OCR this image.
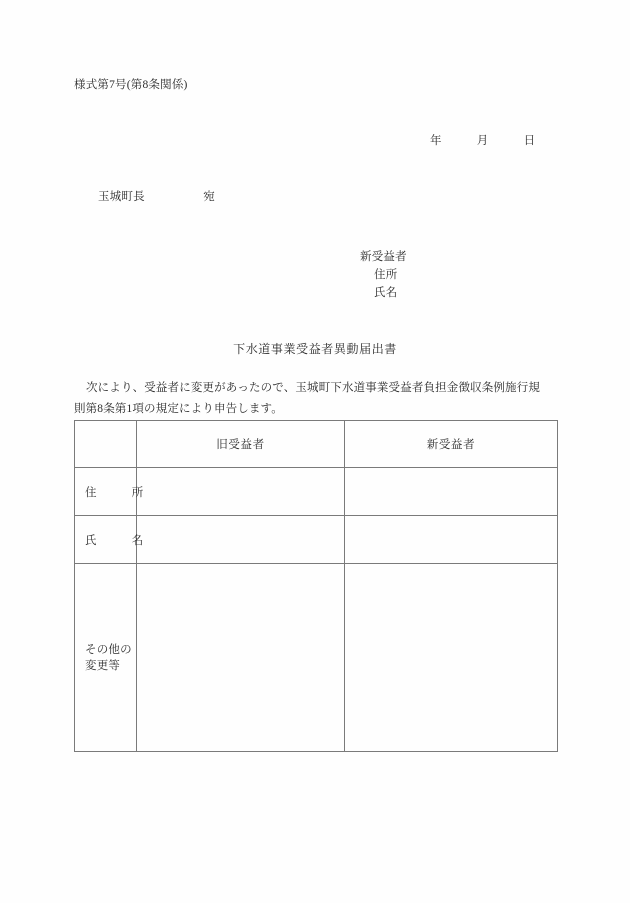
様式第7号(第8条関係)
年　　　月　　　日
玉城町長　　　　　宛
新受益者
住所
氏名
下水道事業受益者異動届出書
次により、受益者に変更があったので、玉城町下水道事業受益者負担金徴収条例施行規
則第8条第1項の規定により申告します。
	旧受益者	新受益者
住　　　所		
氏　　　名		

その他の
変更等		
